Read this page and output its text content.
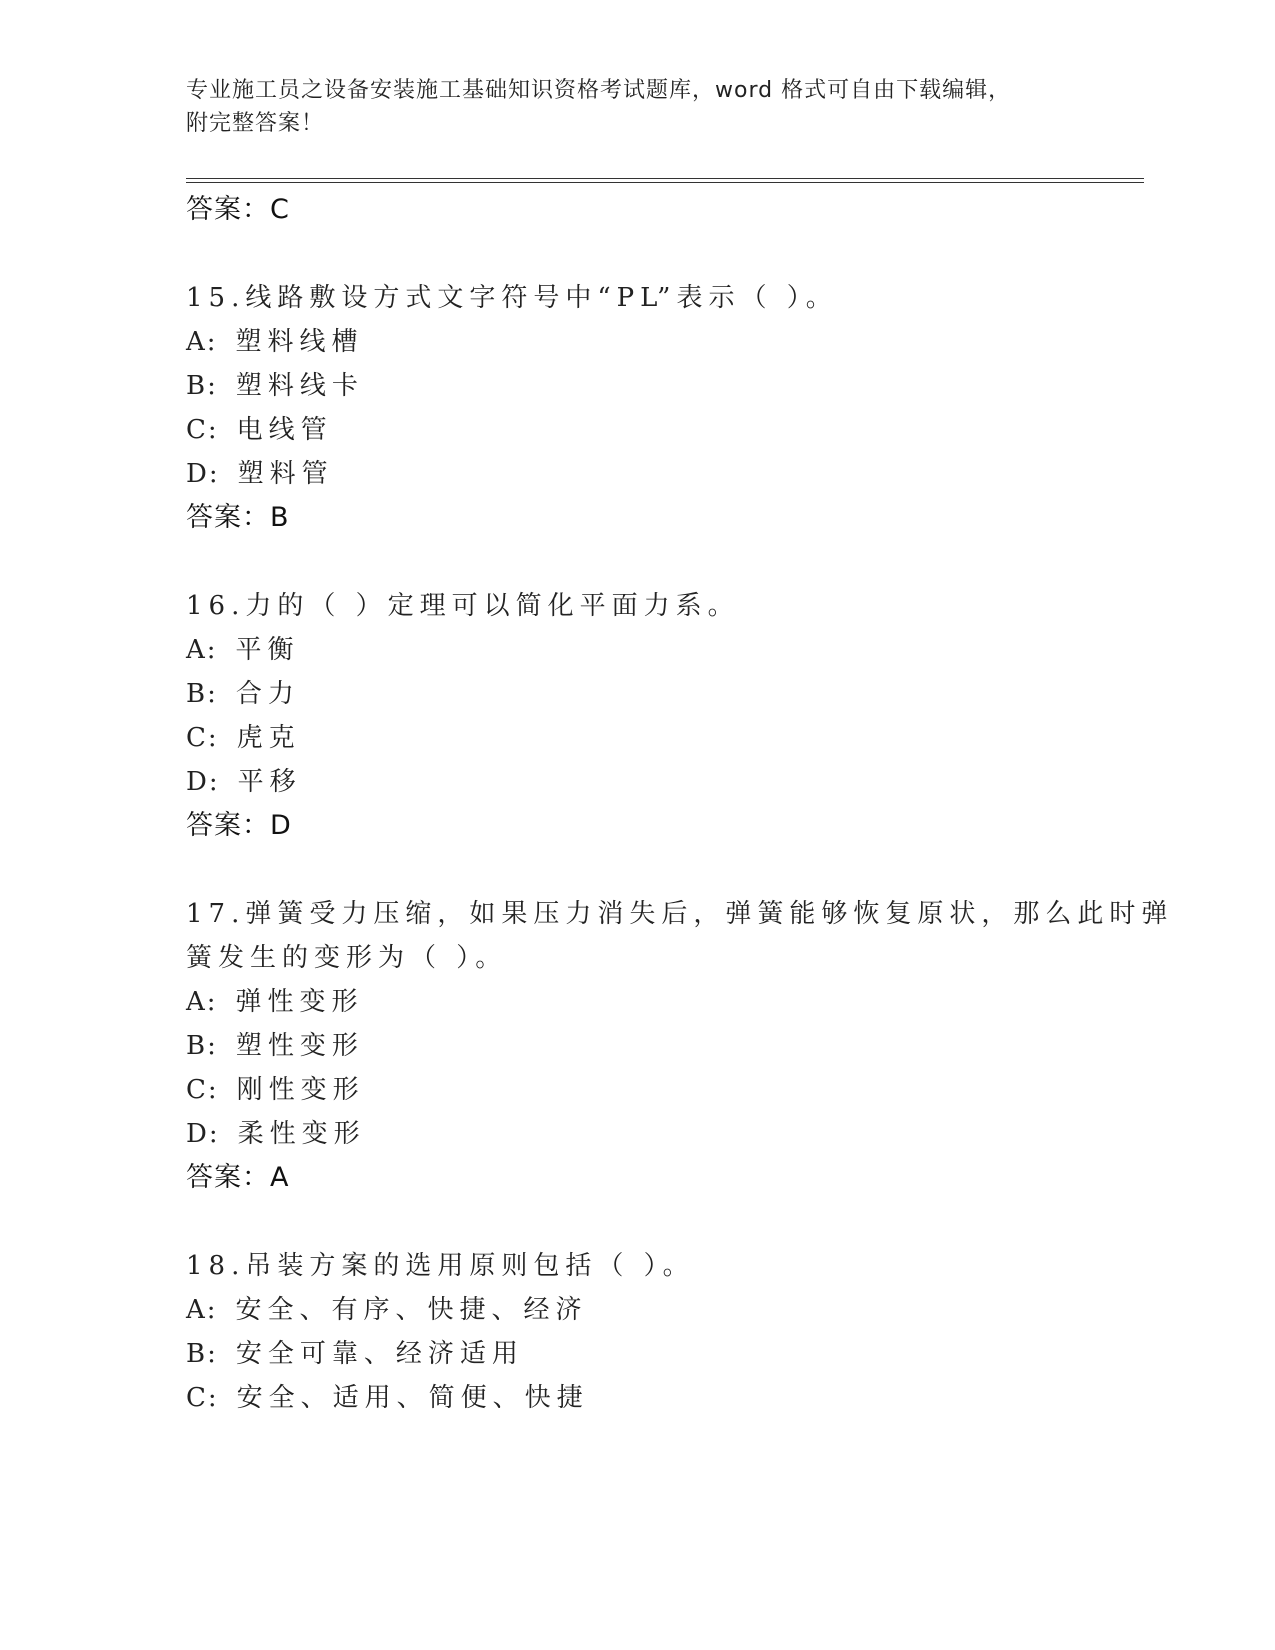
专业施工员之设备安装施工基础知识资格考试题库，word 格式可自由下载编辑，
附完整答案！
答案：C
15.线路敷设方式文字符号中“PL”表示（ ）。
A: 塑料线槽
B: 塑料线卡
C: 电线管
D: 塑料管
答案：B
16.力的（ ）定理可以简化平面力系。
A: 平衡
B: 合力
C: 虎克
D: 平移
答案：D
17.弹簧受力压缩，如果压力消失后，弹簧能够恢复原状，那么此时弹
簧发生的变形为（ ）。
A: 弹性变形
B: 塑性变形
C: 刚性变形
D: 柔性变形
答案：A
18.吊装方案的选用原则包括（ ）。
A: 安全、有序、快捷、经济
B: 安全可靠、经济适用
C: 安全、适用、简便、快捷
